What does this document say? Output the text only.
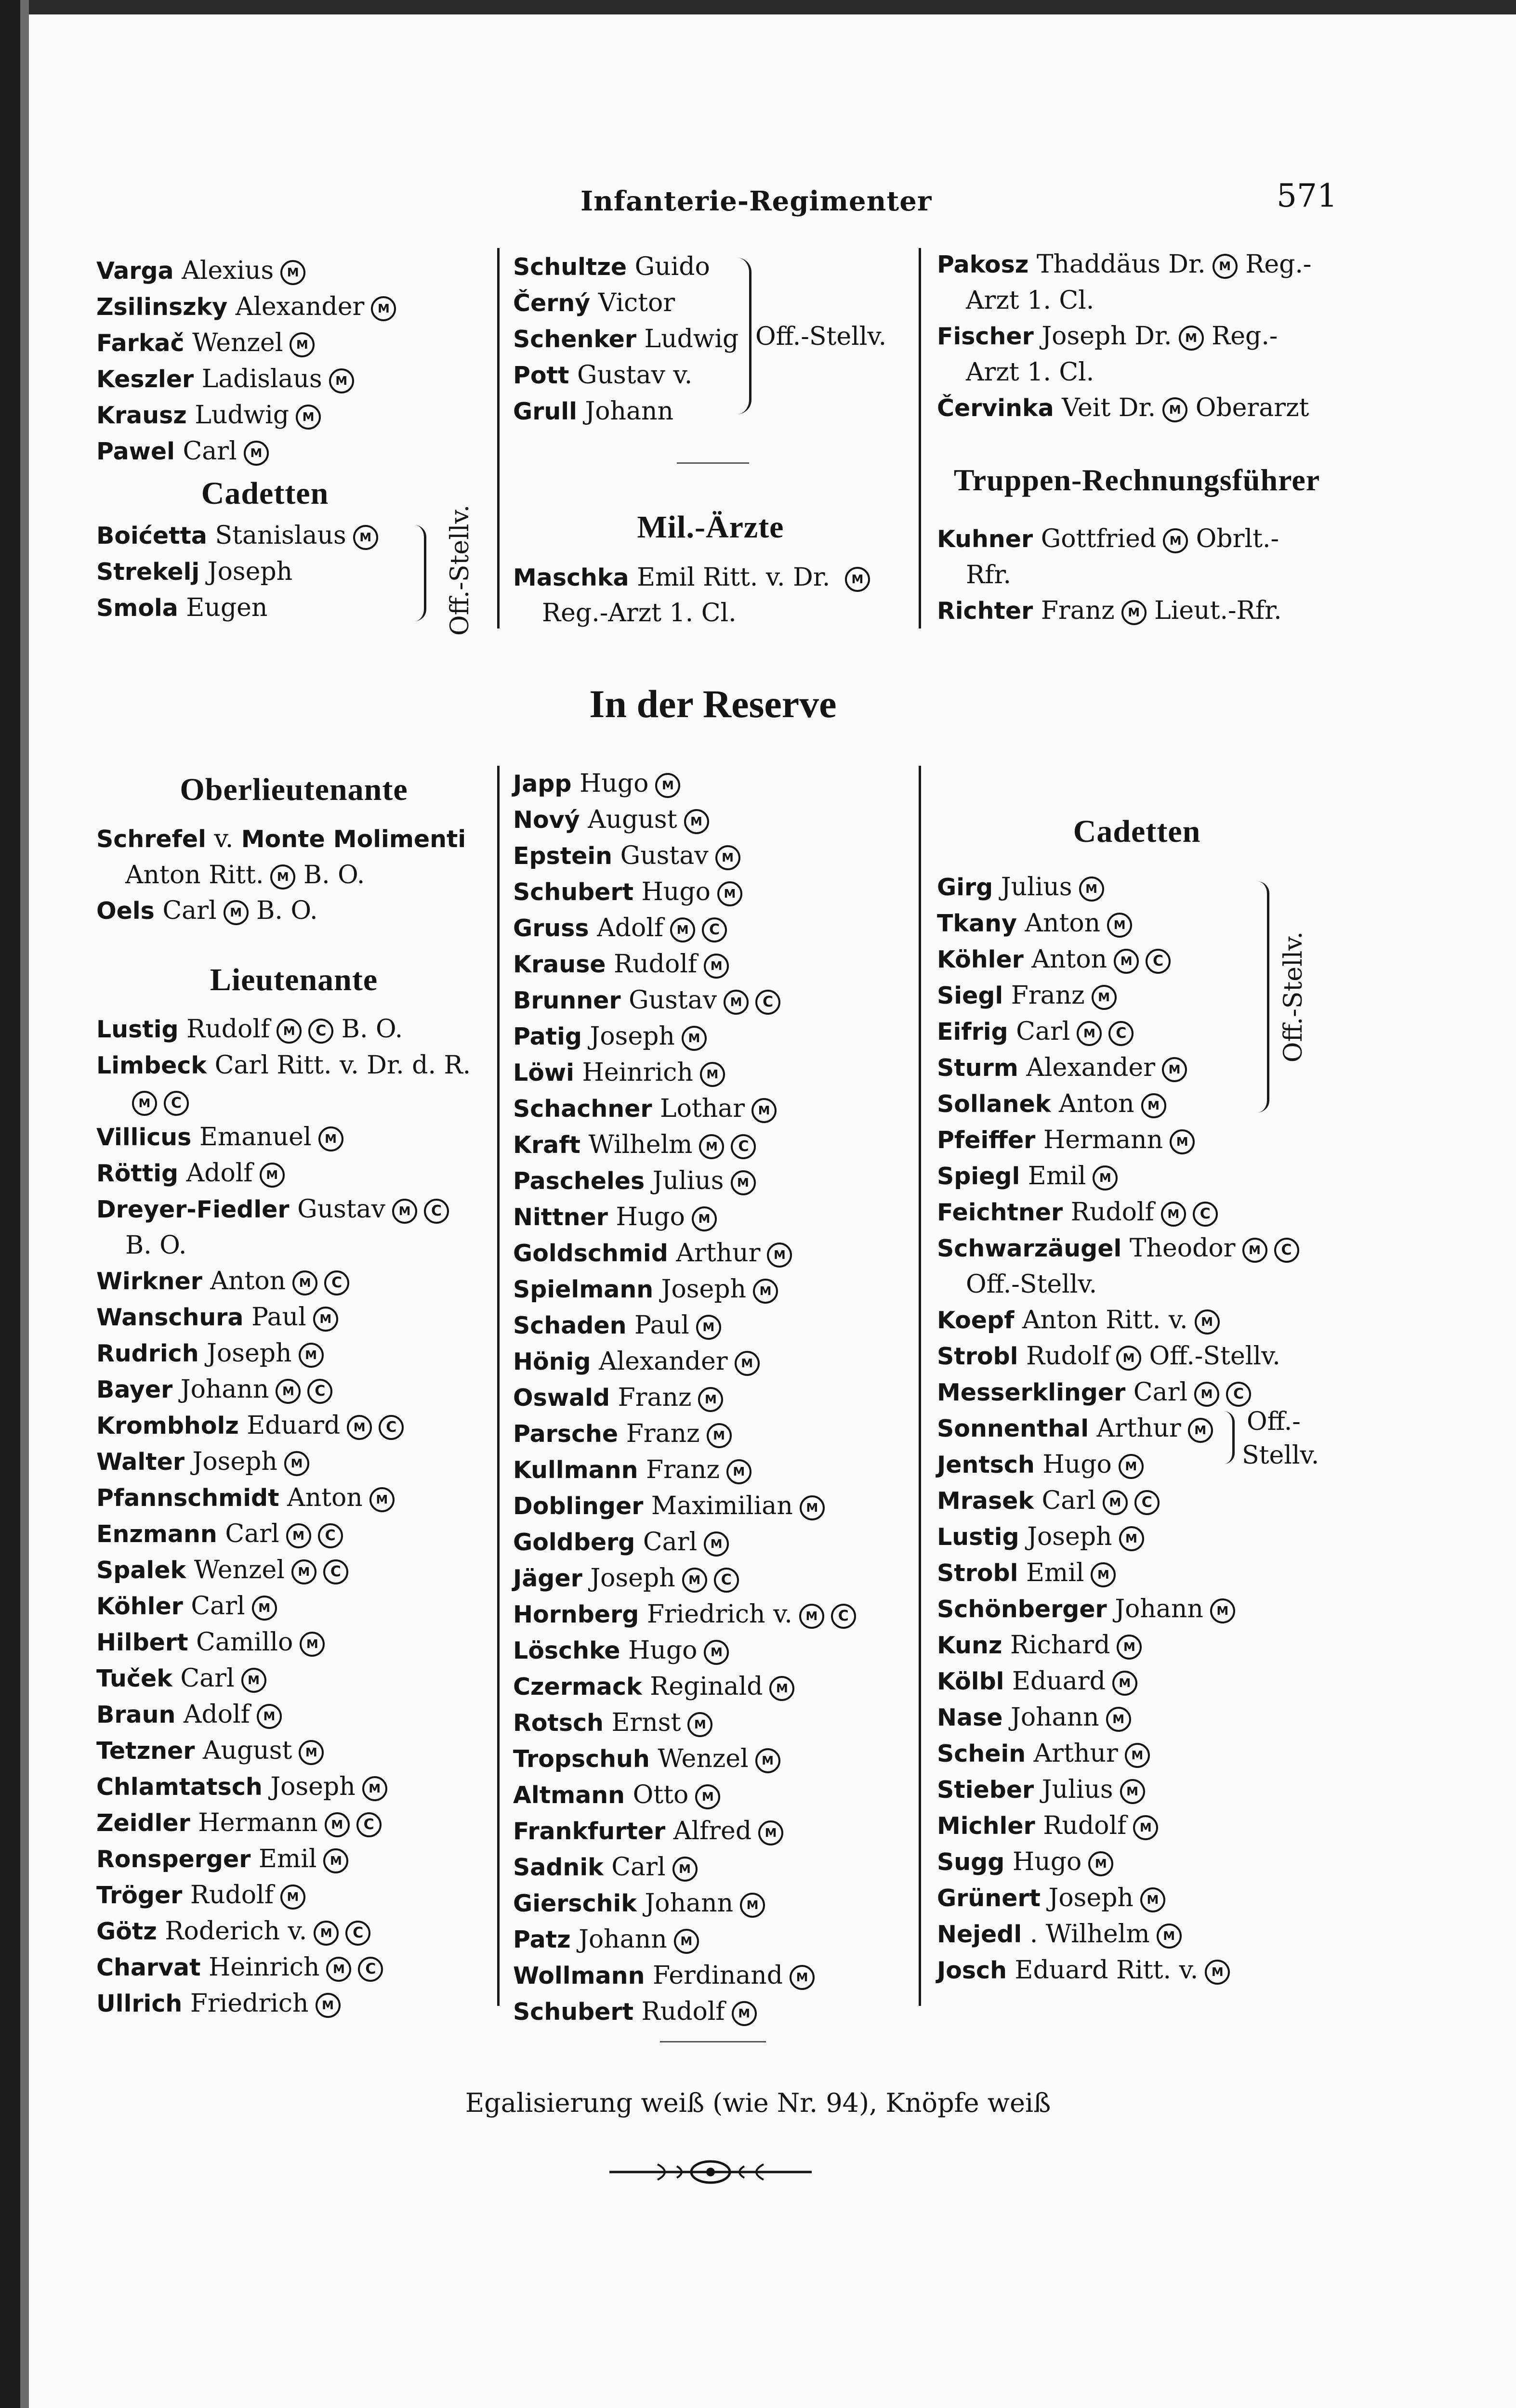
Infanterie-Regimenter	571
Varga Alexius M
Zsilinszky Alexander M
Farkač Wenzel M
Keszler Ladislaus M
Krausz Ludwig M
Pawel Carl M
Cadetten
Boićetta Stanislaus M
Strekelj Joseph
Smola Eugen	Off.-Stellv.
Schultze Guido
Černý Victor
Schenker Ludwig
Pott Gustav v.
Grull Johann
Off.-Stellv.
Mil.-Ärzte
Maschka Emil Ritt. v. Dr. M
Reg.-Arzt 1. Cl.
Pakosz Thaddäus Dr. M Reg.-
Arzt 1. Cl.
Fischer Joseph Dr. M Reg.-
Arzt 1. Cl.
Červinka Veit Dr. M Oberarzt
Truppen-Rechnungsführer
Kuhner Gottfried M Obrlt.-
Rfr.
Richter Franz M Lieut.-Rfr.
In der Reserve
Oberlieutenante
Schrefel v. Monte Molimenti
Anton Ritt. M B. O.
Oels Carl M B. O.
Lieutenante
Lustig Rudolf M C B. O.
Limbeck Carl Ritt. v. Dr. d. R.
M C
Villicus Emanuel M
Röttig Adolf M
Dreyer-Fiedler Gustav M C
B. O.
Wirkner Anton M C
Wanschura Paul M
Rudrich Joseph M
Bayer Johann M C
Krombholz Eduard M C
Walter Joseph M
Pfannschmidt Anton M
Enzmann Carl M C
Spalek Wenzel M C
Köhler Carl M
Hilbert Camillo M
Tuček Carl M
Braun Adolf M
Tetzner August M
Chlamtatsch Joseph M
Zeidler Hermann M C
Ronsperger Emil M
Tröger Rudolf M
Götz Roderich v. M C
Charvat Heinrich M C
Ullrich Friedrich M
Japp Hugo M
Nový August M
Epstein Gustav M
Schubert Hugo M
Gruss Adolf M C
Krause Rudolf M
Brunner Gustav M C
Patig Joseph M
Löwi Heinrich M
Schachner Lothar M
Kraft Wilhelm M C
Pascheles Julius M
Nittner Hugo M
Goldschmid Arthur M
Spielmann Joseph M
Schaden Paul M
Hönig Alexander M
Oswald Franz M
Parsche Franz M
Kullmann Franz M
Doblinger Maximilian M
Goldberg Carl M
Jäger Joseph M C
Hornberg Friedrich v. M C
Löschke Hugo M
Czermack Reginald M
Rotsch Ernst M
Tropschuh Wenzel M
Altmann Otto M
Frankfurter Alfred M
Sadnik Carl M
Gierschik Johann M
Patz Johann M
Wollmann Ferdinand M
Schubert Rudolf M
Cadetten
Girg Julius M
Tkany Anton M
Köhler Anton M C
Siegl Franz M
Eifrig Carl M C
Sturm Alexander M
Sollanek Anton M
Pfeiffer Hermann M
Spiegl Emil M
Feichtner Rudolf M C
Schwarzäugel Theodor M C
Off.-Stellv.
Koepf Anton Ritt. v. M
Strobl Rudolf M Off.-Stellv.
Messerklinger Carl M C
Sonnenthal Arthur M
Jentsch Hugo M
Mrasek Carl M C
Lustig Joseph M
Strobl Emil M
Schönberger Johann M
Kunz Richard M
Kölbl Eduard M
Nase Johann M
Schein Arthur M
Stieber Julius M
Michler Rudolf M
Sugg Hugo M
Grünert Joseph M
Nejedl . Wilhelm M
Josch Eduard Ritt. v. M
Off.-Stellv.
Off.-
Stellv.
Egalisierung weiß (wie Nr. 94), Knöpfe weiß
